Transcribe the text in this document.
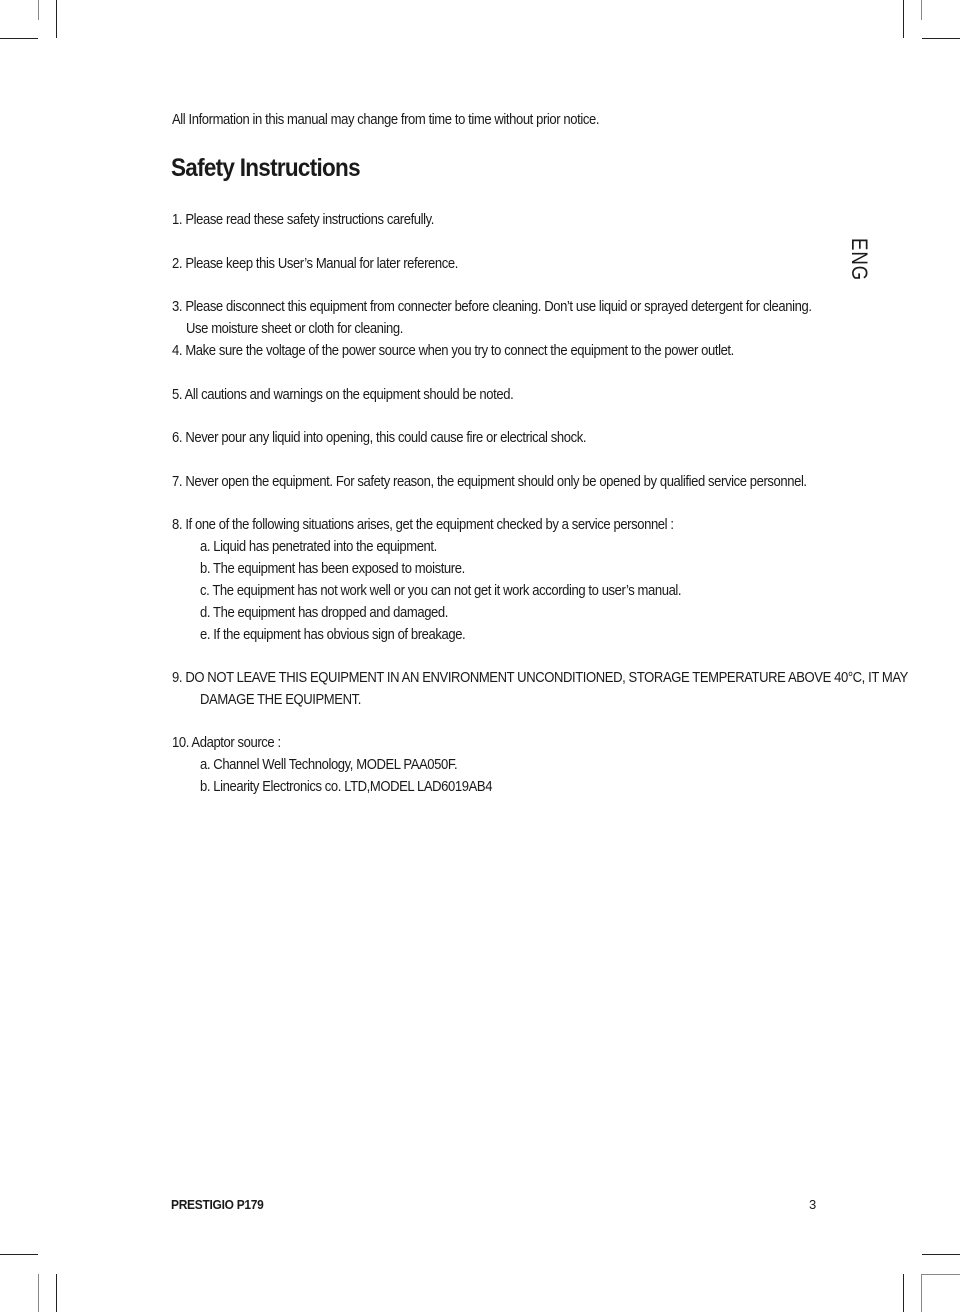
All Information in this manual may change from time to time without prior notice.
Safety Instructions
ENG
1. Please read these safety instructions carefully.
2. Please keep this User’s Manual for later reference.
3. Please disconnect this equipment from connecter before cleaning. Don’t use liquid or sprayed detergent for cleaning.
Use moisture sheet or cloth for cleaning.
4. Make sure the voltage of the power source when you try to connect the equipment to the power outlet.
5. All cautions and warnings on the equipment should be noted.
6. Never pour any liquid into opening, this could cause fire or electrical shock.
7. Never open the equipment. For safety reason, the equipment should only be opened by qualified service personnel.
8. If one of the following situations arises, get the equipment checked by a service personnel :
a. Liquid has penetrated into the equipment.
b. The equipment has been exposed to moisture.
c. The equipment has not work well or you can not get it work according to user’s manual.
d. The equipment has dropped and damaged.
e. If the equipment has obvious sign of breakage.
9. DO NOT LEAVE THIS EQUIPMENT IN AN ENVIRONMENT UNCONDITIONED, STORAGE TEMPERATURE ABOVE 40°C, IT MAY
DAMAGE THE EQUIPMENT.
10. Adaptor source :
a. Channel Well Technology, MODEL PAA050F.
b. Linearity Electronics co. LTD,MODEL LAD6019AB4
PRESTIGIO P179	3
